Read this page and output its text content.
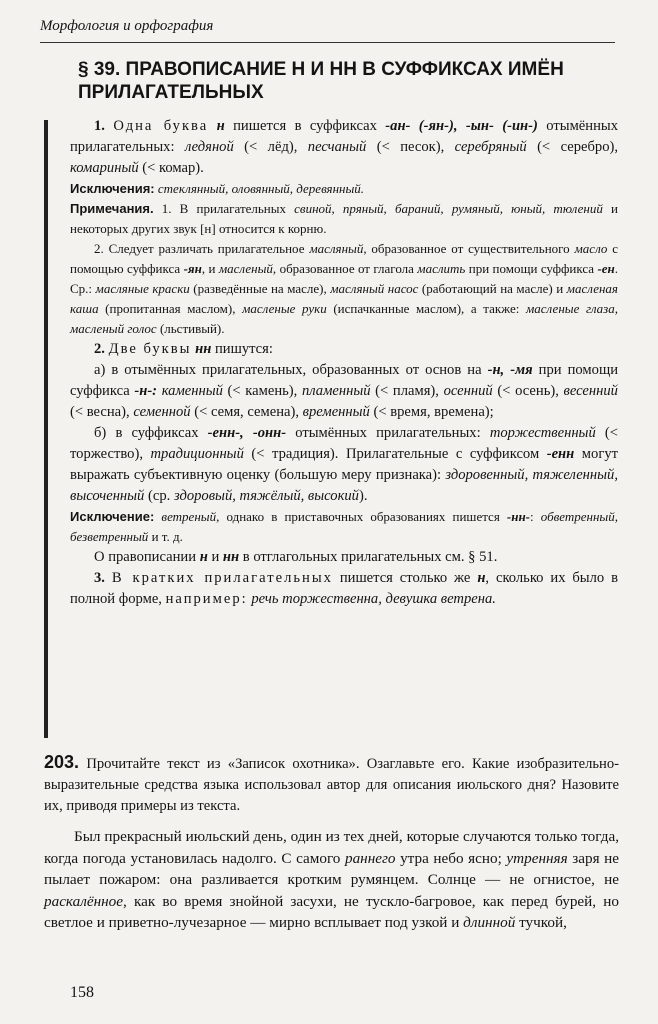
Морфология и орфография
§ 39. ПРАВОПИСАНИЕ Н И НН В СУФФИКСАХ ИМЁН ПРИЛАГАТЕЛЬНЫХ

1. Одна буква н пишется в суффиксах -ан- (-ян-), -ын- (-ин-) отымённых прилагательных: ледяной (< лёд), песчаный (< песок), серебряный (< серебро), комариный (< комар).

Исключения: стеклянный, оловянный, деревянный.

Примечания. 1. В прилагательных свиной, пряный, бараний, румяный, юный, тюлений и некоторых других звук [н] относится к корню.

2. Следует различать прилагательное масляный, образованное от существительного масло с помощью суффикса -ян, и масленый, образованное от глагола маслить при помощи суффикса -ен. Ср.: масляные краски (разведённые на масле), масляный насос (работающий на масле) и масленая каша (пропитанная маслом), масленые руки (испачканные маслом), а также: масленые глаза, масленый голос (льстивый).

2. Две буквы нн пишутся:

а) в отымённых прилагательных, образованных от основ на -н, -мя при помощи суффикса -н-: каменный (< камень), пламенный (< пламя), осенний (< осень), весенний (< весна), семенной (< семя, семена), временный (< время, времена);

б) в суффиксах -енн-, -онн- отымённых прилагательных: торжественный (< торжество), традиционный (< традиция). Прилагательные с суффиксом -енн могут выражать субъективную оценку (большую меру признака): здоровенный, тяжеленный, высоченный (ср. здоровый, тяжёлый, высокий).

Исключение: ветреный, однако в приставочных образованиях пишется -нн-: обветренный, безветренный и т. д.

О правописании н и нн в отглагольных прилагательных см. § 51.

3. В кратких прилагательных пишется столько же н, сколько их было в полной форме, например: речь торжественна, девушка ветрена.

203. Прочитайте текст из «Записок охотника». Озаглавьте его. Какие изобразительно-выразительные средства языка использовал автор для описания июльского дня? Назовите их, приводя примеры из текста.

Был прекрасный июльский день, один из тех дней, которые случаются только тогда, когда погода установилась надолго. С самого раннего утра небо ясно; утренняя заря не пылает пожаром: она разливается кротким румянцем. Солнце — не огнистое, не раскалённое, как во время знойной засухи, не тускло-багровое, как перед бурей, но светлое и приветно-лучезарное — мирно всплывает под узкой и длинной тучкой,

158
